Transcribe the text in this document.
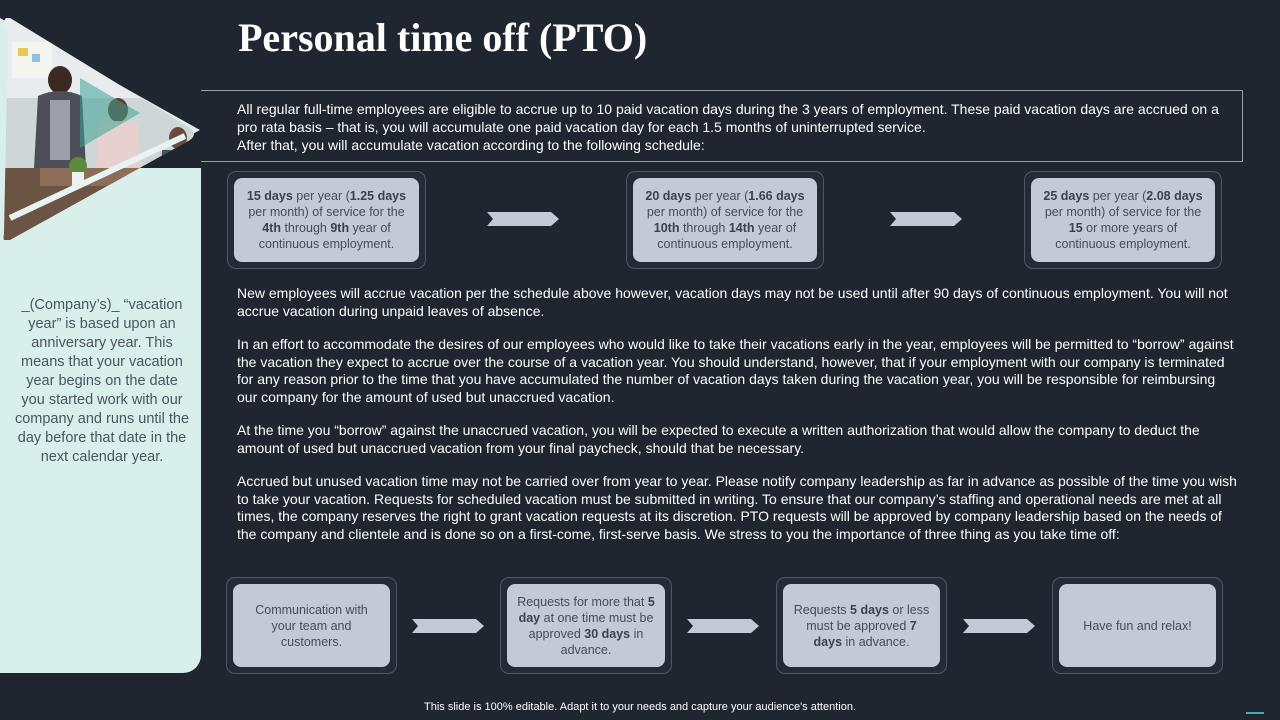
Personal time off (PTO)
_(Company’s)_ “vacation year” is based upon an anniversary year. This means that your vacation year begins on the date you started work with our company and runs until the day before that date in the next calendar year.

All regular full-time employees are eligible to accrue up to 10 paid vacation days during the 3 years of employment. These paid vacation days are accrued on a pro rata basis – that is, you will accumulate one paid vacation day for each 1.5 months of uninterrupted service.

After that, you will accumulate vacation according to the following schedule:

15 days per year (1.25 days per month) of service for the 4th through 9th year of continuous employment.
20 days per year (1.66 days per month) of service for the 10th through 14th year of continuous employment.
25 days per year (2.08 days per month) of service for the 15 or more years of continuous employment.

New employees will accrue vacation per the schedule above however, vacation days may not be used until after 90 days of continuous employment. You will not accrue vacation during unpaid leaves of absence.

In an effort to accommodate the desires of our employees who would like to take their vacations early in the year, employees will be permitted to “borrow” against the vacation they expect to accrue over the course of a vacation year. You should understand, however, that if your employment with our company is terminated for any reason prior to the time that you have accumulated the number of vacation days taken during the vacation year, you will be responsible for reimbursing our company for the amount of used but unaccrued vacation.

At the time you “borrow” against the unaccrued vacation, you will be expected to execute a written authorization that would allow the company to deduct the amount of used but unaccrued vacation from your final paycheck, should that be necessary.

Accrued but unused vacation time may not be carried over from year to year. Please notify company leadership as far in advance as possible of the time you wish to take your vacation. Requests for scheduled vacation must be submitted in writing. To ensure that our company’s staffing and operational needs are met at all times, the company reserves the right to grant vacation requests at its discretion. PTO requests will be approved by company leadership based on the needs of the company and clientele and is done so on a first-come, first-serve basis. We stress to you the importance of three thing as you take time off:

Communication with your team and customers.
Requests for more that 5 day at one time must be approved 30 days in advance.
Requests 5 days or less must be approved 7 days in advance.
Have fun and relax!
This slide is 100% editable. Adapt it to your needs and capture your audience's attention.
